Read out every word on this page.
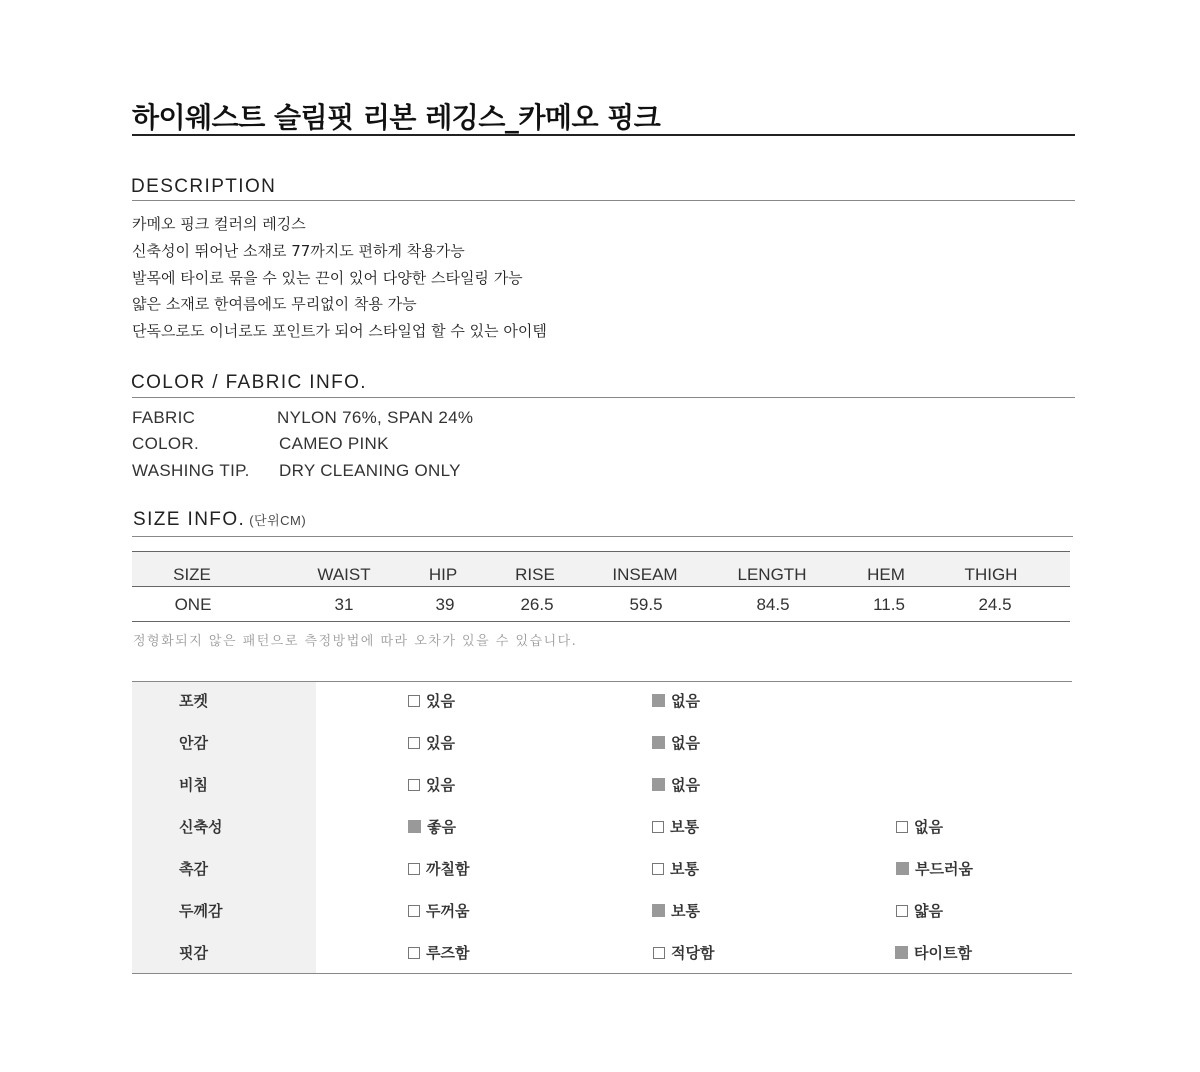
하이웨스트 슬림핏 리본 레깅스_카메오 핑크
DESCRIPTION
카메오 핑크 컬러의 레깅스
신축성이 뛰어난 소재로 77까지도 편하게 착용가능
발목에 타이로 묶을 수 있는 끈이 있어 다양한 스타일링 가능
얇은 소재로 한여름에도 무리없이 착용 가능
단독으로도 이너로도 포인트가 되어 스타일업 할 수 있는 아이템
COLOR / FABRIC INFO.
FABRIC	NYLON 76%, SPAN 24%
COLOR.	CAMEO PINK
WASHING TIP. DRY CLEANING ONLY
SIZE INFO. (단위CM)
SIZE	WAIST	HIP	RISE	INSEAM	LENGTH	HEM	THIGH
ONE	31	39	26.5	59.5	84.5	11.5	24.5
정형화되지 않은 패턴으로 측정방법에 따라 오차가 있을 수 있습니다.
포켓	있음	없음
안감	있음	없음
비침	있음	없음
신축성	좋음	보통	없음
촉감	까칠함	보통	부드러움
두께감	두꺼움	보통	얇음
핏감	루즈함	적당함	타이트함
